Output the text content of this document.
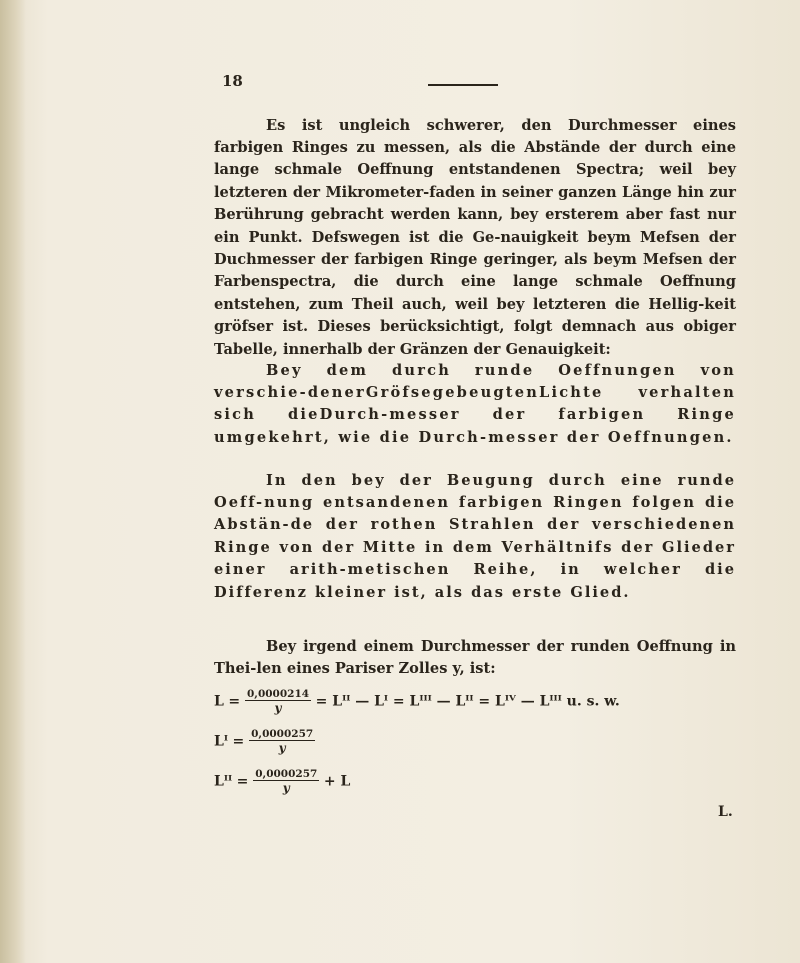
18

Es ist ungleich schwerer, den Durchmesser eines farbigen Ringes zu messen, als die Abstände der durch eine lange schmale Oeffnung entstandenen Spectra; weil bey letzteren der Mikrometer-faden in seiner ganzen Länge hin zur Berührung gebracht werden kann, bey ersterem aber fast nur ein Punkt. Defswegen ist die Ge-nauigkeit beym Mefsen der Duchmesser der farbigen Ringe geringer, als beym Mefsen der Farbenspectra, die durch eine lange schmale Oeffnung entstehen, zum Theil auch, weil bey letzteren die Hellig-keit gröfser ist. Dieses berücksichtigt, folgt demnach aus obiger Tabelle, innerhalb der Gränzen der Genauigkeit:

Bey dem durch runde Oeffnungen von verschie-denerGröfsegebeugtenLichte verhalten sich dieDurch-messer der farbigen Ringe umgekehrt, wie die Durch-messer der Oeffnungen.

In den bey der Beugung durch eine runde Oeff-nung entsandenen farbigen Ringen folgen die Abstän-de der rothen Strahlen der verschiedenen Ringe von der Mitte in dem Verhältnifs der Glieder einer arith-metischen Reihe, in welcher die Differenz kleiner ist, als das erste Glied.

Bey irgend einem Durchmesser der runden Oeffnung in Thei-len eines Pariser Zolles y, ist:

$L = \frac{0,0000214}{y}$ = Lᴵᴵ — Lᴵ = Lᴵᴵᴵ — Lᴵᴵ = Lᴵⱽ — Lᴵᴵᴵ u. s. w.
Lᴵ = $\frac{0,0000257}{y}$
Lᴵᴵ = $\frac{0,0000257}{y} + L$
L.
